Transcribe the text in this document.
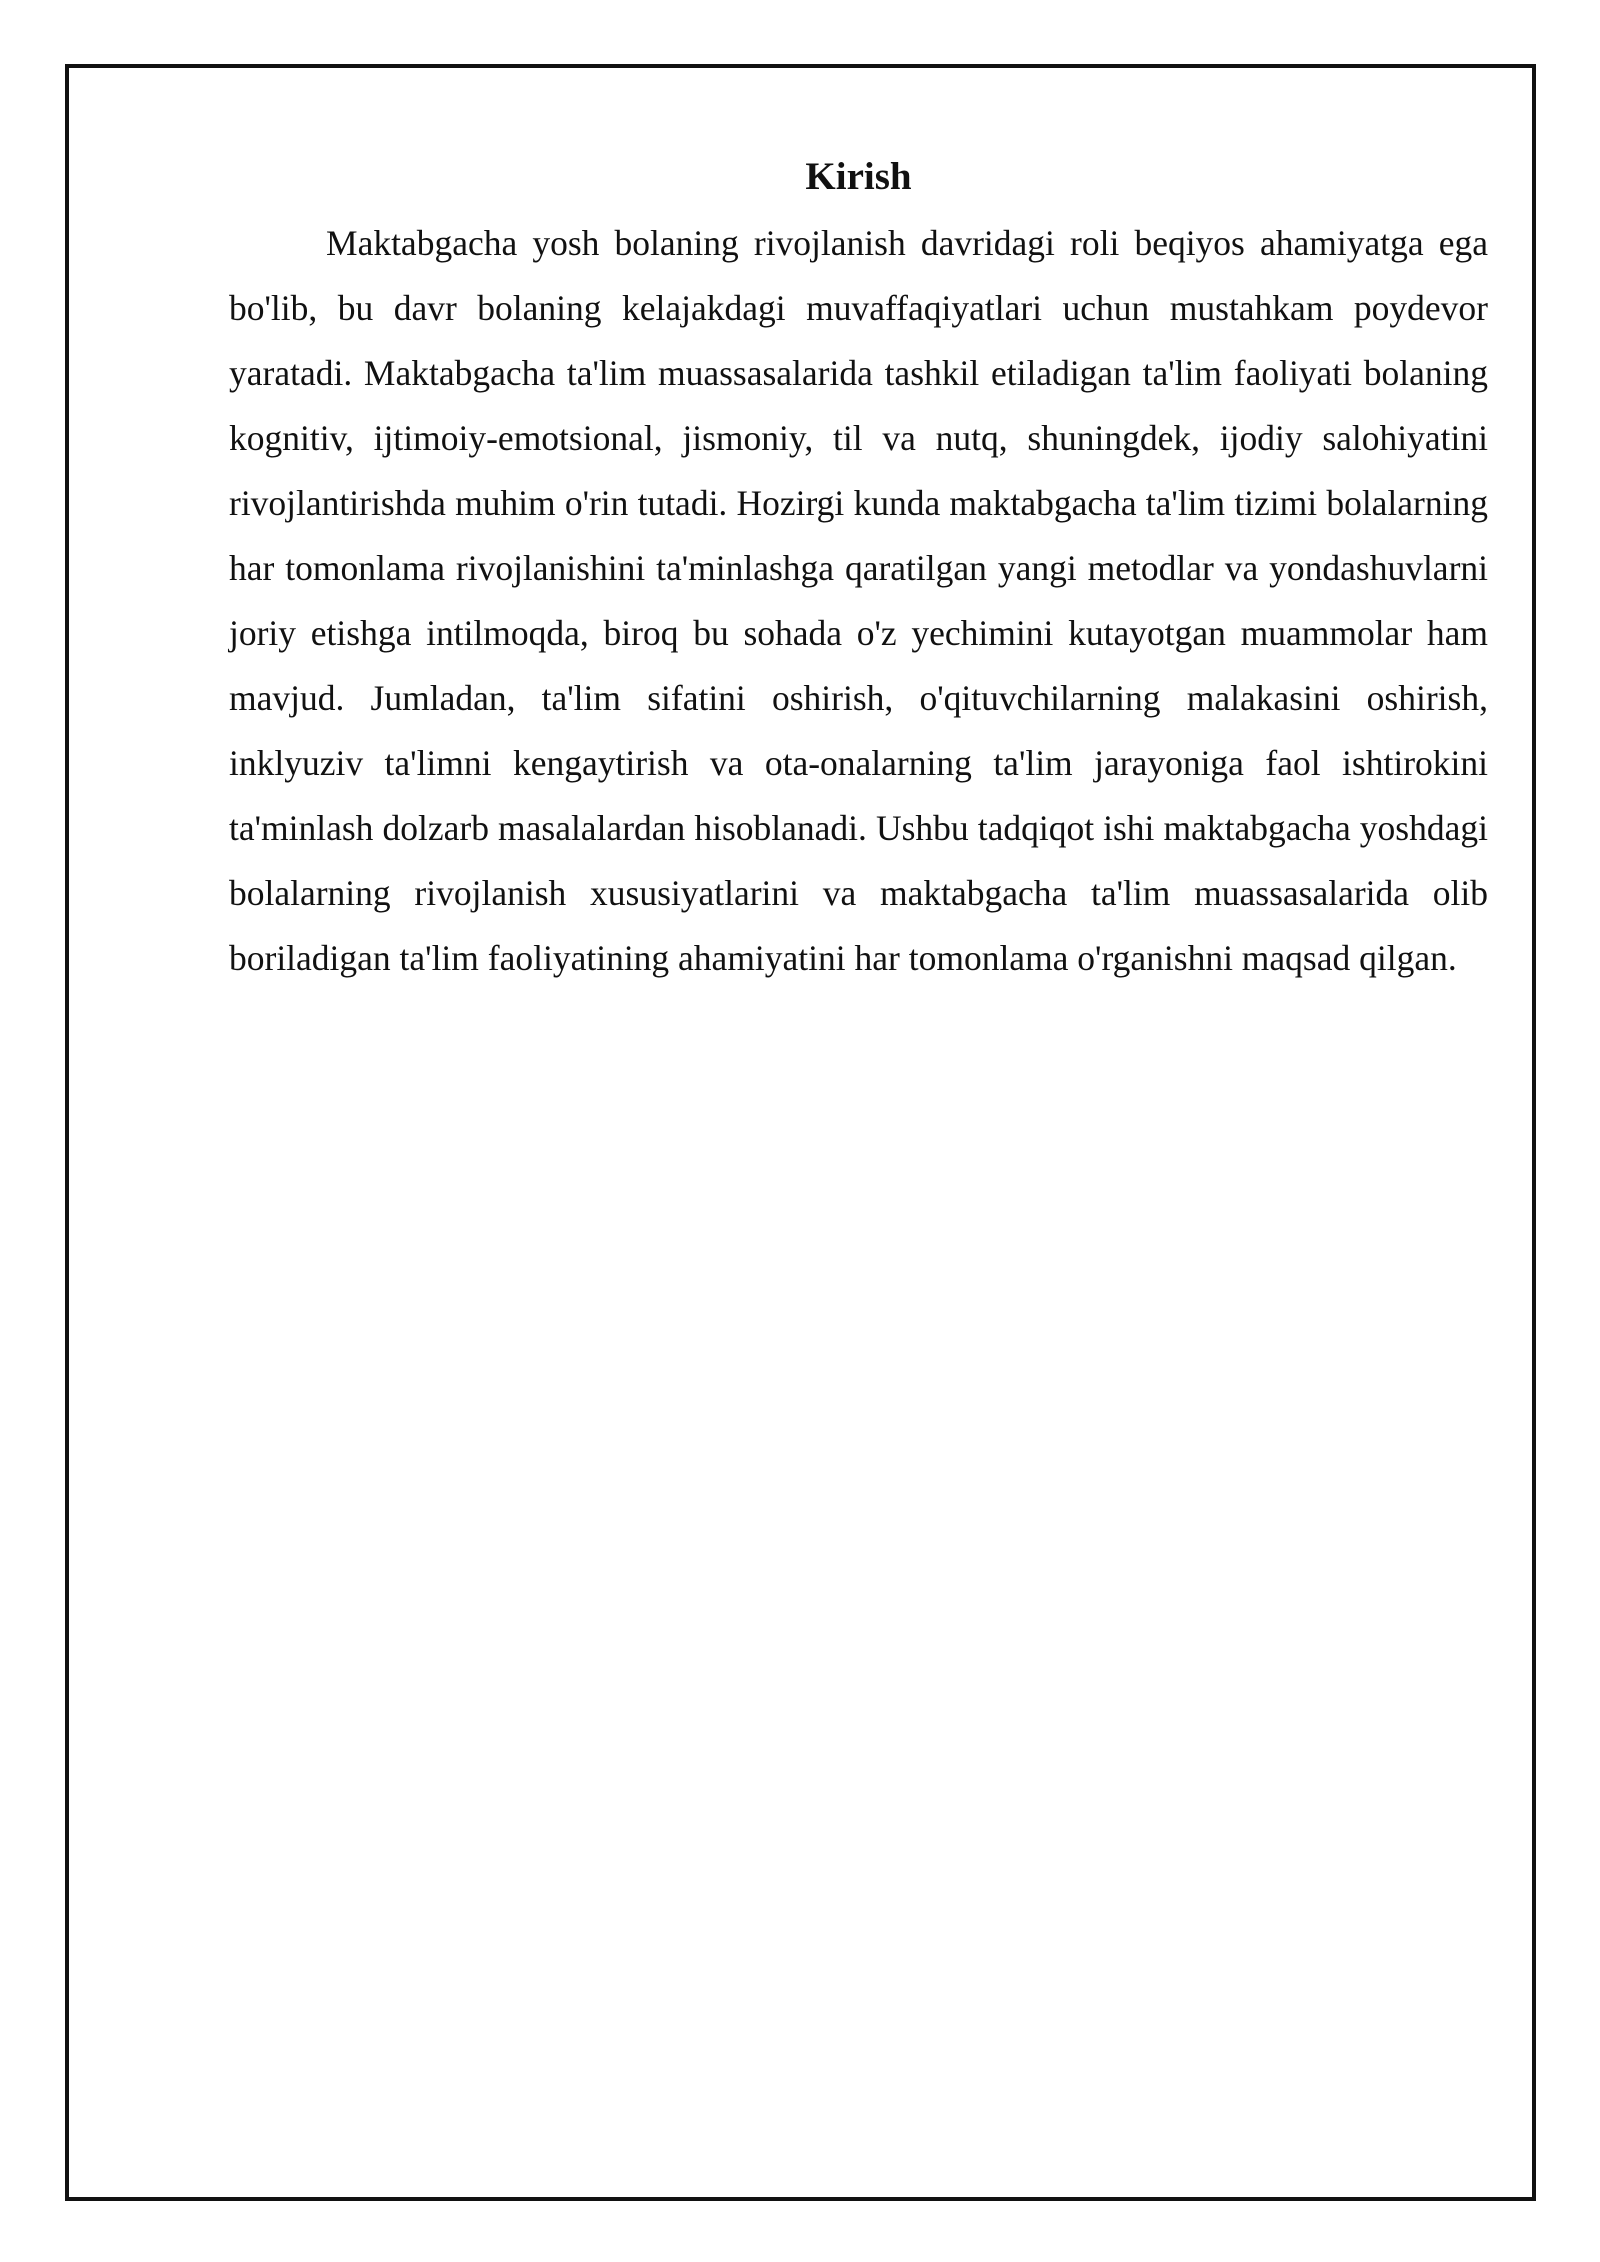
Kirish

Maktabgacha yosh bolaning rivojlanish davridagi roli beqiyos ahamiyatga ega bo'lib, bu davr bolaning kelajakdagi muvaffaqiyatlari uchun mustahkam poydevor yaratadi. Maktabgacha ta'lim muassasalarida tashkil etiladigan ta'lim faoliyati bolaning kognitiv, ijtimoiy-emotsional, jismoniy, til va nutq, shuningdek, ijodiy salohiyatini rivojlantirishda muhim o'rin tutadi. Hozirgi kunda maktabgacha ta'lim tizimi bolalarning har tomonlama rivojlanishini ta'minlashga qaratilgan yangi metodlar va yondashuvlarni joriy etishga intilmoqda, biroq bu sohada o'z yechimini kutayotgan muammolar ham mavjud. Jumladan, ta'lim sifatini oshirish, o'qituvchilarning malakasini oshirish, inklyuziv ta'limni kengaytirish va ota-onalarning ta'lim jarayoniga faol ishtirokini ta'minlash dolzarb masalalardan hisoblanadi. Ushbu tadqiqot ishi maktabgacha yoshdagi bolalarning rivojlanish xususiyatlarini va maktabgacha ta'lim muassasalarida olib boriladigan ta'lim faoliyatining ahamiyatini har tomonlama o'rganishni maqsad qilgan.
